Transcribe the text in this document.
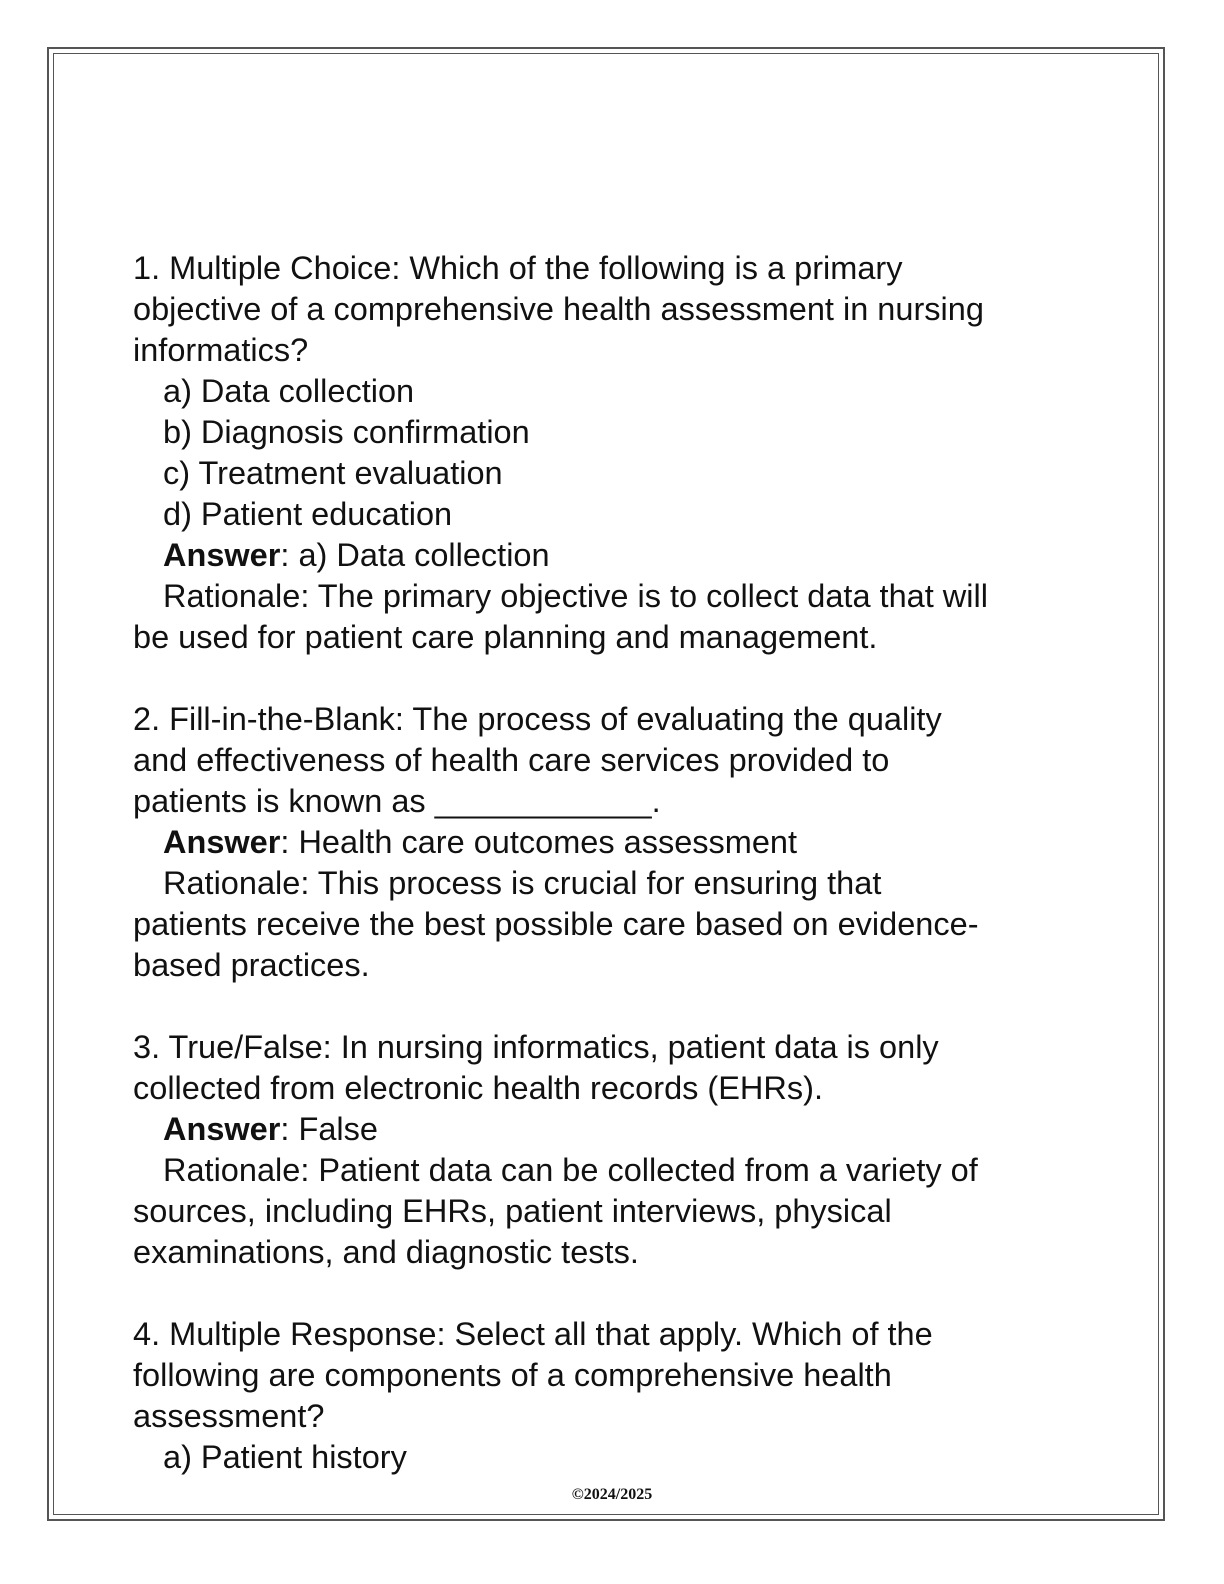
1. Multiple Choice: Which of the following is a primary
objective of a comprehensive health assessment in nursing
informatics?
a) Data collection
b) Diagnosis confirmation
c) Treatment evaluation
d) Patient education
Answer: a) Data collection
Rationale: The primary objective is to collect data that will
be used for patient care planning and management.
2. Fill-in-the-Blank: The process of evaluating the quality
and effectiveness of health care services provided to
patients is known as ____________.
Answer: Health care outcomes assessment
Rationale: This process is crucial for ensuring that
patients receive the best possible care based on evidence-
based practices.
3. True/False: In nursing informatics, patient data is only
collected from electronic health records (EHRs).
Answer: False
Rationale: Patient data can be collected from a variety of
sources, including EHRs, patient interviews, physical
examinations, and diagnostic tests.
4. Multiple Response: Select all that apply. Which of the
following are components of a comprehensive health
assessment?
a) Patient history
©2024/2025
